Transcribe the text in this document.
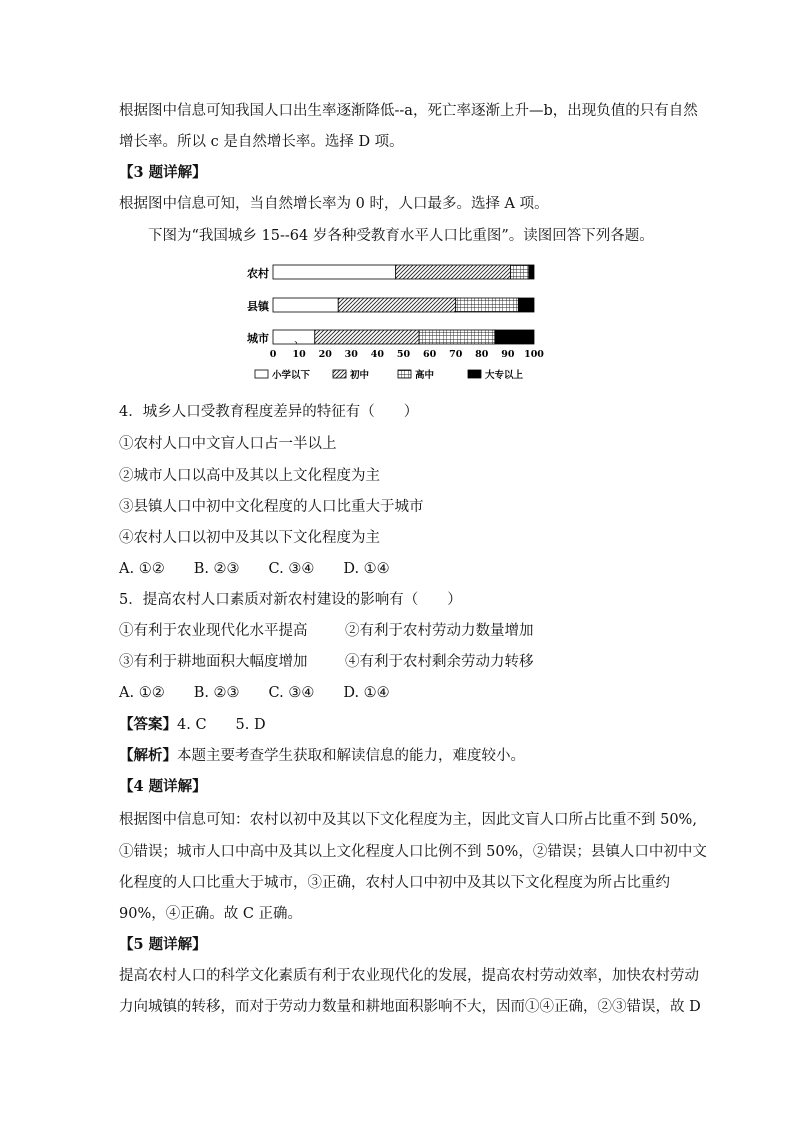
根据图中信息可知我国人口出生率逐渐降低--a，死亡率逐渐上升—b，出现负值的只有自然
增长率。所以 c 是自然增长率。选择 D 项。
【3 题详解】
根据图中信息可知，当自然增长率为 0 时，人口最多。选择 A 项。
下图为“我国城乡 15--64 岁各种受教育水平人口比重图”。读图回答下列各题。
农村
县镇
城市	、
0 10 20 30 40 50 60 70 80 90 100
小学以下	初中	高中	大专以上
4．城乡人口受教育程度差异的特征有（　　）
①农村人口中文盲人口占一半以上
②城市人口以高中及其以上文化程度为主
③县镇人口中初中文化程度的人口比重大于城市
④农村人口以初中及其以下文化程度为主
A. ①②　　B. ②③　　C. ③④　　D. ①④
5．提高农村人口素质对新农村建设的影响有（　　）
①有利于农业现代化水平提高	②有利于农村劳动力数量增加
③有利于耕地面积大幅度增加	④有利于农村剩余劳动力转移
A. ①②　　B. ②③　　C. ③④　　D. ①④
【答案】4. C　　5. D
【解析】本题主要考查学生获取和解读信息的能力，难度较小。
【4 题详解】
根据图中信息可知：农村以初中及其以下文化程度为主，因此文盲人口所占比重不到 50%,
①错误；城市人口中高中及其以上文化程度人口比例不到 50%，②错误；县镇人口中初中文
化程度的人口比重大于城市，③正确，农村人口中初中及其以下文化程度为所占比重约
90%，④正确。故 C 正确。
【5 题详解】
提高农村人口的科学文化素质有利于农业现代化的发展，提高农村劳动效率，加快农村劳动
力向城镇的转移，而对于劳动力数量和耕地面积影响不大，因而①④正确，②③错误，故 D
